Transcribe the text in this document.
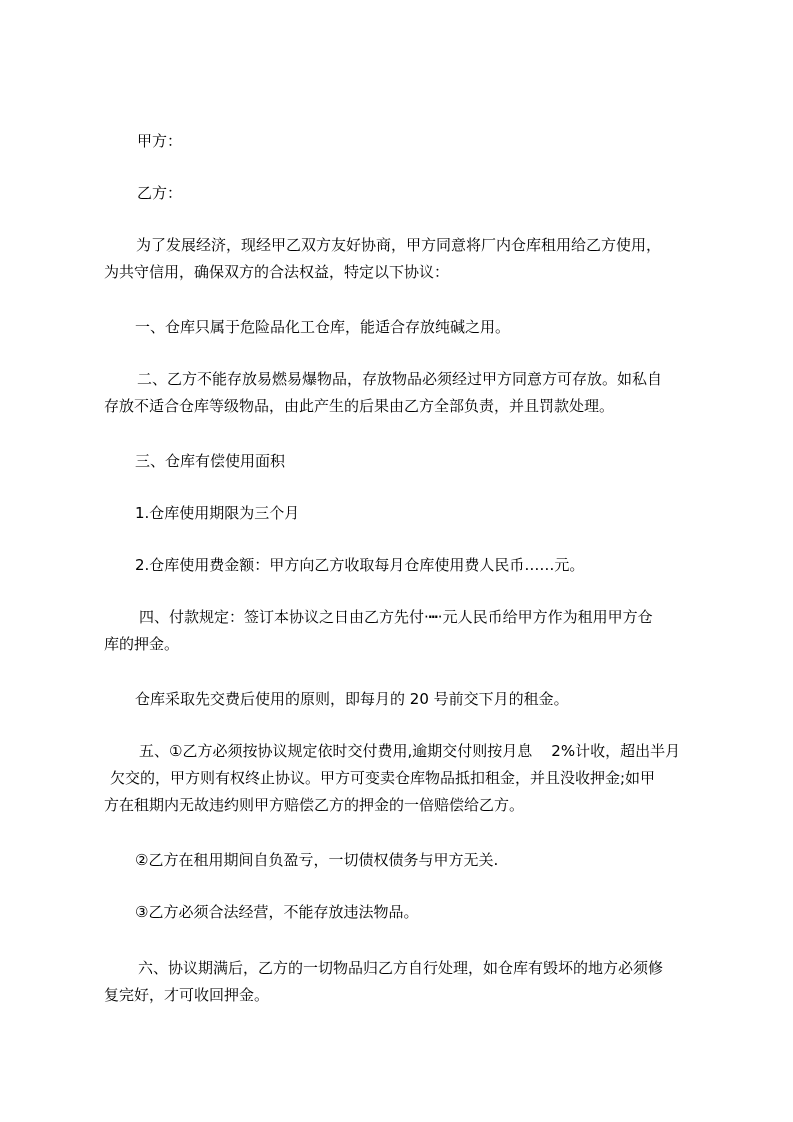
甲方：
乙方：
为了发展经济，现经甲乙双方友好协商，甲方同意将厂内仓库租用给乙方使用，
为共守信用，确保双方的合法权益，特定以下协议：
一、仓库只属于危险品化工仓库，能适合存放纯碱之用。
二、乙方不能存放易燃易爆物品，存放物品必须经过甲方同意方可存放。如私自
存放不适合仓库等级物品，由此产生的后果由乙方全部负责，并且罚款处理。
三、仓库有偿使用面积
1.仓库使用期限为三个月
2.仓库使用费金额：甲方向乙方收取每月仓库使用费人民币……元。
四、付款规定：签订本协议之日由乙方先付·┅·元人民币给甲方作为租用甲方仓
库的押金。
仓库采取先交费后使用的原则，即每月的 20 号前交下月的租金。
五、①乙方必须按协议规定依时交付费用,逾期交付则按月息    2%计收，超出半月
欠交的，甲方则有权终止协议。甲方可变卖仓库物品抵扣租金，并且没收押金;如甲
方在租期内无故违约则甲方赔偿乙方的押金的一倍赔偿给乙方。
②乙方在租用期间自负盈亏，一切债权债务与甲方无关.
③乙方必须合法经营，不能存放违法物品。
六、协议期满后，乙方的一切物品归乙方自行处理，如仓库有毁坏的地方必须修
复完好，才可收回押金。
